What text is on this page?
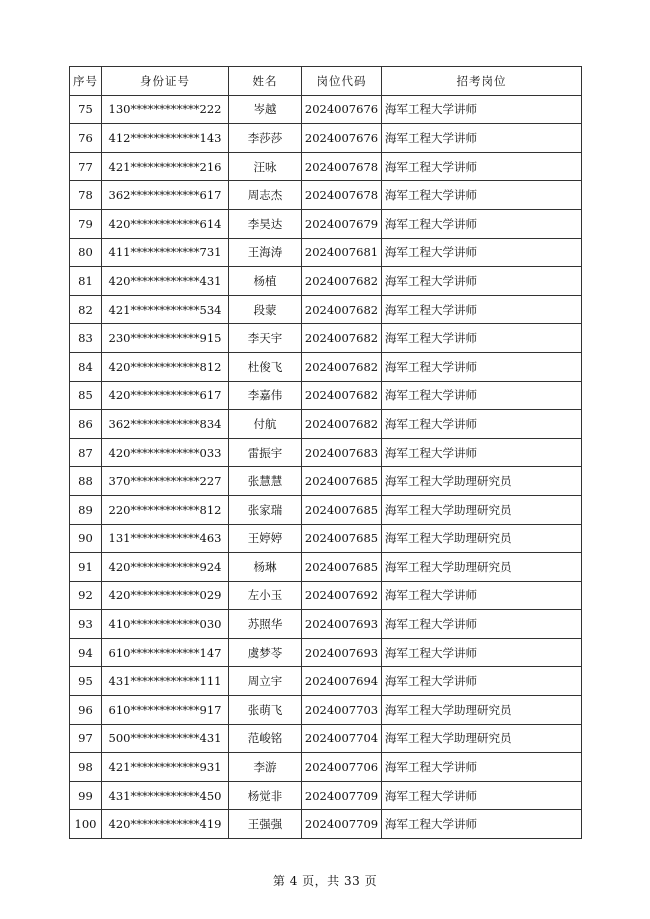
序号	身份证号	姓名	岗位代码	招考岗位
75	130************222	岑越	2024007676	海军工程大学讲师
76	412************143	李莎莎	2024007676	海军工程大学讲师
77	421************216	汪咏	2024007678	海军工程大学讲师
78	362************617	周志杰	2024007678	海军工程大学讲师
79	420************614	李昊达	2024007679	海军工程大学讲师
80	411************731	王海涛	2024007681	海军工程大学讲师
81	420************431	杨植	2024007682	海军工程大学讲师
82	421************534	段蒙	2024007682	海军工程大学讲师
83	230************915	李天宇	2024007682	海军工程大学讲师
84	420************812	杜俊飞	2024007682	海军工程大学讲师
85	420************617	李嘉伟	2024007682	海军工程大学讲师
86	362************834	付航	2024007682	海军工程大学讲师
87	420************033	雷振宇	2024007683	海军工程大学讲师
88	370************227	张慧慧	2024007685	海军工程大学助理研究员
89	220************812	张家瑞	2024007685	海军工程大学助理研究员
90	131************463	王婷婷	2024007685	海军工程大学助理研究员
91	420************924	杨琳	2024007685	海军工程大学助理研究员
92	420************029	左小玉	2024007692	海军工程大学讲师
93	410************030	苏照华	2024007693	海军工程大学讲师
94	610************147	虞梦苓	2024007693	海军工程大学讲师
95	431************111	周立宇	2024007694	海军工程大学讲师
96	610************917	张萌飞	2024007703	海军工程大学助理研究员
97	500************431	范峻铭	2024007704	海军工程大学助理研究员
98	421************931	李游	2024007706	海军工程大学讲师
99	431************450	杨觉非	2024007709	海军工程大学讲师
100	420************419	王强强	2024007709	海军工程大学讲师
第 4 页，共 33 页
